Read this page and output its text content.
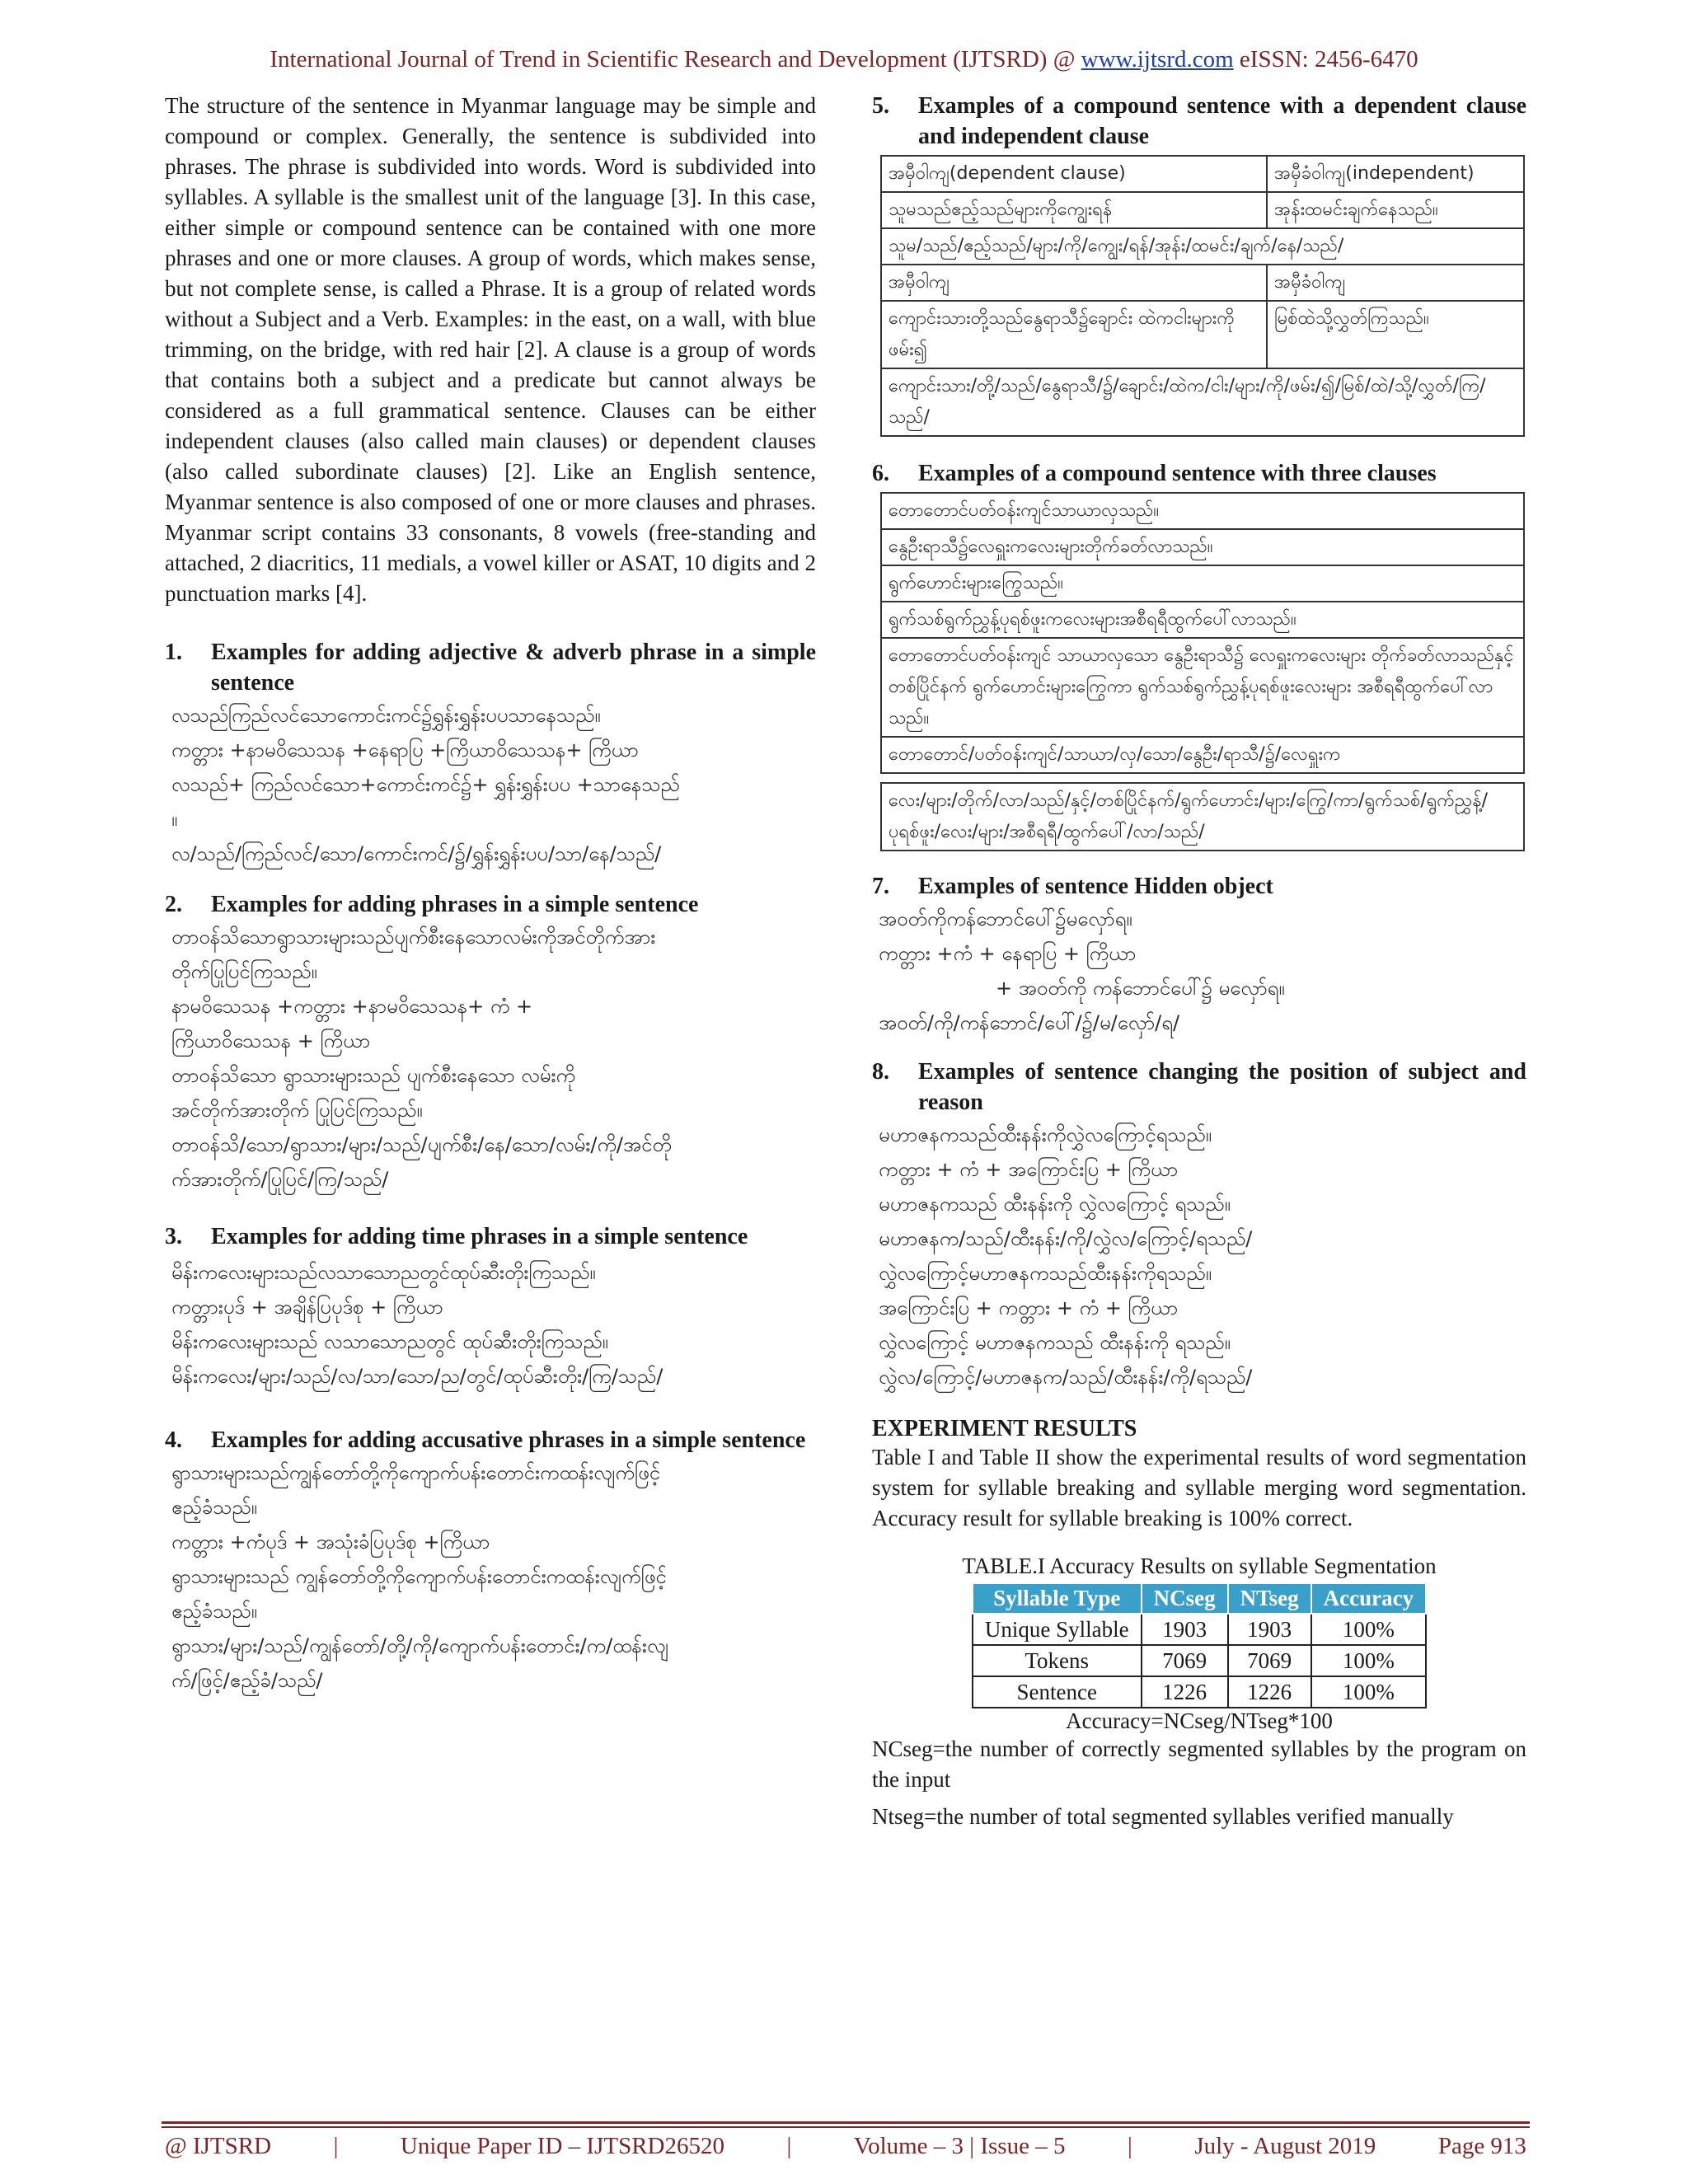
International Journal of Trend in Scientific Research and Development (IJTSRD) @ www.ijtsrd.com eISSN: 2456-6470

The structure of the sentence in Myanmar language may be simple and compound or complex. Generally, the sentence is subdivided into phrases. The phrase is subdivided into words. Word is subdivided into syllables. A syllable is the smallest unit of the language [3]. In this case, either simple or compound sentence can be contained with one more phrases and one or more clauses. A group of words, which makes sense, but not complete sense, is called a Phrase. It is a group of related words without a Subject and a Verb. Examples: in the east, on a wall, with blue trimming, on the bridge, with red hair [2]. A clause is a group of words that contains both a subject and a predicate but cannot always be considered as a full grammatical sentence. Clauses can be either independent clauses (also called main clauses) or dependent clauses (also called subordinate clauses) [2]. Like an English sentence, Myanmar sentence is also composed of one or more clauses and phrases. Myanmar script contains 33 consonants, 8 vowels (free-standing and attached, 2 diacritics, 11 medials, a vowel killer or ASAT, 10 digits and 2 punctuation marks [4].

1.	Examples for adding adjective & adverb phrase in a simple sentence
လသည်ကြည်လင်သောကောင်းကင်၌ရွှန်းရွှန်းပပသာနေသည်။
ကတ္တား +နာမဝိသေသန +နေရာပြ +ကြိယာဝိသေသန+ ကြိယာ
လသည်+ ကြည်လင်သော+ကောင်းကင်၌+ ရွှန်းရွှန်းပပ +သာနေသည်
။
လ/သည်/ကြည်လင်/သော/ကောင်းကင်/၌/ရွှန်းရွှန်းပပ/သာ/နေ/သည်/
2.	Examples for adding phrases in a simple sentence
တာဝန်သိသောရွာသားများသည်ပျက်စီးနေသောလမ်းကိုအင်တိုက်အား
တိုက်ပြုပြင်ကြသည်။
နာမဝိသေသန +ကတ္တား +နာမဝိသေသန+ ကံ +
ကြိယာဝိသေသန + ကြိယာ
တာဝန်သိသော ရွာသားများသည် ပျက်စီးနေသော လမ်းကို
အင်တိုက်အားတိုက် ပြုပြင်ကြသည်။
တာဝန်သိ/သော/ရွာသား/များ/သည်/ပျက်စီး/နေ/သော/လမ်း/ကို/အင်တို
က်အားတိုက်/ပြုပြင်/ကြ/သည်/
3.	Examples for adding time phrases in a simple sentence
မိန်းကလေးများသည်လသာသောညတွင်ထုပ်ဆီးတိုးကြသည်။
ကတ္တားပုဒ် + အချိန်ပြပုဒ်စု + ကြိယာ
မိန်းကလေးများသည် လသာသောညတွင် ထုပ်ဆီးတိုးကြသည်။
မိန်းကလေး/များ/သည်/လ/သာ/သော/ည/တွင်/ထုပ်ဆီးတိုး/ကြ/သည်/
4.	Examples for adding accusative phrases in a simple sentence
ရွာသားများသည်ကျွန်တော်တို့ကိုကျောက်ပန်းတောင်းကထန်းလျက်ဖြင့်
ဧည့်ခံသည်။
ကတ္တား +ကံပုဒ် + အသုံးခံပြပုဒ်စု +ကြိယာ
ရွာသားများသည် ကျွန်တော်တို့ကိုကျောက်ပန်းတောင်းကထန်းလျက်ဖြင့်
ဧည့်ခံသည်။
ရွာသား/များ/သည်/ကျွန်တော်/တို့/ကို/ကျောက်ပန်းတောင်း/က/ထန်းလျ
က်/ဖြင့်/ဧည့်ခံ/သည်/
5.	Examples of a compound sentence with a dependent clause and independent clause
အမှီဝါကျ(dependent clause)	အမှီခံဝါကျ(independent)
သူမသည်ဧည့်သည်များကိုကျွေးရန်	အုန်းထမင်းချက်နေသည်။
သူမ/သည်/ဧည့်သည်/များ/ကို/ကျွေး/ရန်/အုန်း/ထမင်း/ချက်/နေ/သည်/	
အမှီဝါကျ	အမှီခံဝါကျ
ကျောင်းသားတို့သည်နွေရာသီ၌ချောင်း ထဲကငါးများကိုဖမ်း၍	မြစ်ထဲသို့လွှတ်ကြသည်။
ကျောင်းသား/တို့/သည်/နွေရာသီ/၌/ချောင်း/ထဲက/ငါး/များ/ကို/ဖမ်း/၍/မြစ်/ထဲ/သို့/လွှတ်/ကြ/သည်/	
6.	Examples of a compound sentence with three clauses
တောတောင်ပတ်ဝန်းကျင်သာယာလှသည်။
နွေဦးရာသီ၌လေရှူးကလေးများတိုက်ခတ်လာသည်။
ရွက်ဟောင်းများကြွေသည်။
ရွက်သစ်ရွက်ညွှန့်ပုရစ်ဖူးကလေးများအစီရရီထွက်ပေါ်လာသည်။
တောတောင်ပတ်ဝန်းကျင် သာယာလှသော နွေဦးရာသီ၌ လေရှူးကလေးများ တိုက်ခတ်လာသည်နှင့်တစ်ပြိုင်နက် ရွက်ဟောင်းများကြွေကာ ရွက်သစ်ရွက်ညွှန့်ပုရစ်ဖူးလေးများ အစီရရီထွက်ပေါ်လာသည်။
တောတောင်/ပတ်ဝန်းကျင်/သာယာ/လှ/သော/နွေဦး/ရာသီ/၌/လေရှူးက
လေး/များ/တိုက်/လာ/သည်/နှင့်/တစ်ပြိုင်နက်/ရွက်ဟောင်း/များ/ကြွေ/ကာ/ရွက်သစ်/ရွက်ညွှန့်/ပုရစ်ဖူး/လေး/များ/အစီရရီ/ထွက်ပေါ်/လာ/သည်/
7.	Examples of sentence Hidden object
အဝတ်ကိုကန်ဘောင်ပေါ်၌မလှော်ရ။
ကတ္တား +ကံ + နေရာပြ + ကြိယာ
+ အဝတ်ကို ကန်ဘောင်ပေါ်၌ မလှော်ရ။
အဝတ်/ကို/ကန်ဘောင်/ပေါ်/၌/မ/လှော်/ရ/
8.	Examples of sentence changing the position of subject and reason
မဟာဇနကသည်ထီးနန်းကိုလွှဲလကြောင့်ရသည်။
ကတ္တား + ကံ + အကြောင်းပြ + ကြိယာ
မဟာဇနကသည် ထီးနန်းကို လွှဲလကြောင့် ရသည်။
မဟာဇနက/သည်/ထီးနန်း/ကို/လွှဲလ/ကြောင့်/ရသည်/
လွှဲလကြောင့်မဟာဇနကသည်ထီးနန်းကိုရသည်။
အကြောင်းပြ + ကတ္တား + ကံ + ကြိယာ
လွှဲလကြောင့် မဟာဇနကသည် ထီးနန်းကို ရသည်။
လွှဲလ/ကြောင့်/မဟာဇနက/သည်/ထီးနန်း/ကို/ရသည်/
EXPERIMENT RESULTS

Table I and Table II show the experimental results of word segmentation system for syllable breaking and syllable merging word segmentation. Accuracy result for syllable breaking is 100% correct.

TABLE.I Accuracy Results on syllable Segmentation
Syllable Type	NCseg	NTseg	Accuracy
Unique Syllable	1903	1903	100%
Tokens	7069	7069	100%
Sentence	1226	1226	100%
Accuracy=NCseg/NTseg*100

NCseg=the number of correctly segmented syllables by the program on the input

Ntseg=the number of total segmented syllables verified manually

@ IJTSRD	|	Unique Paper ID – IJTSRD26520	|	Volume – 3 | Issue – 5	|	July - August 2019	Page 913
